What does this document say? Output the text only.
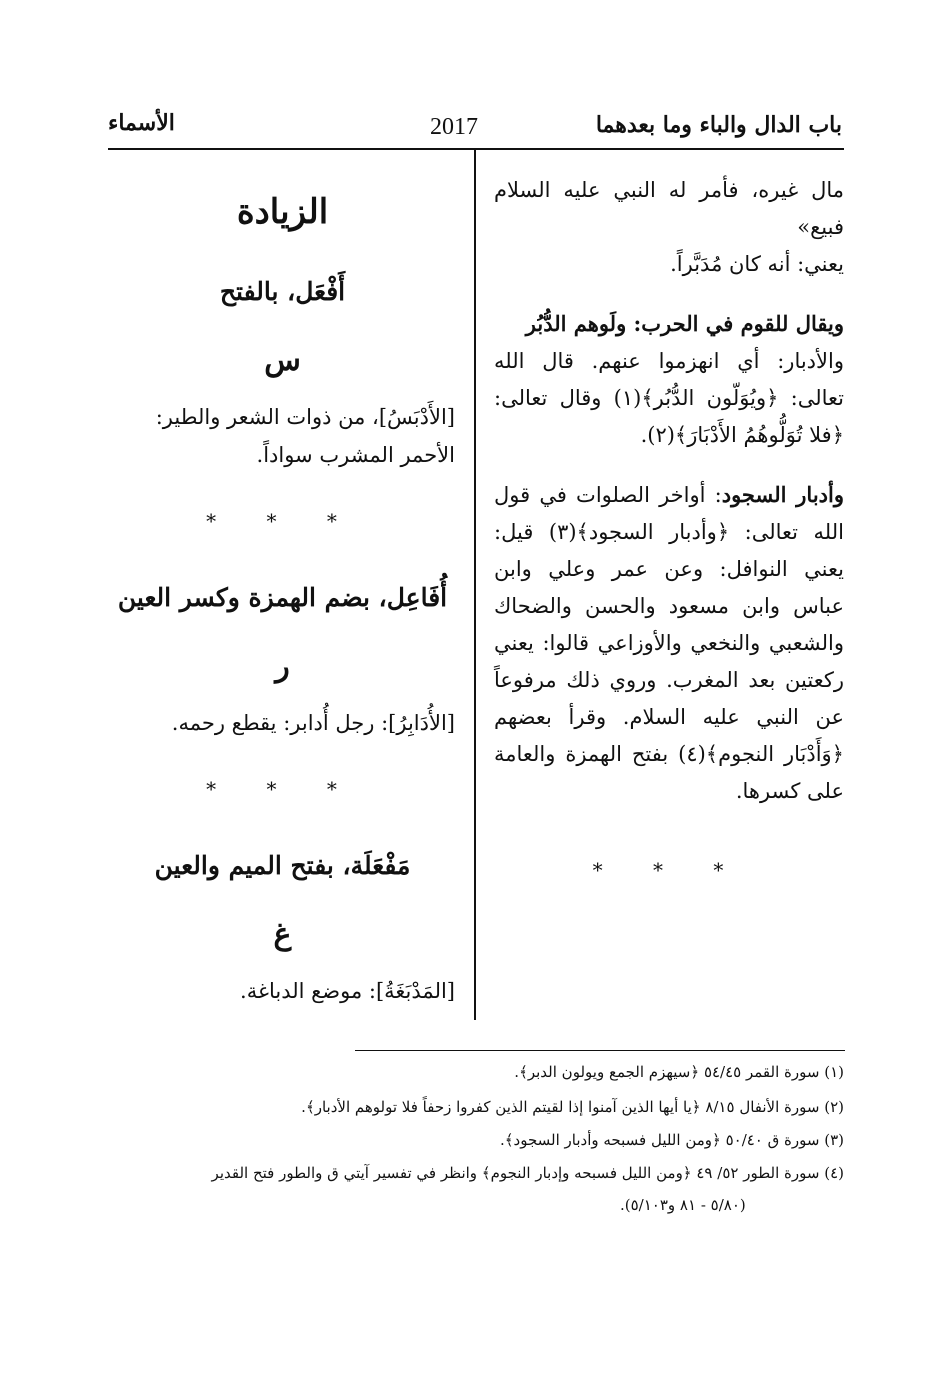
باب الدال والباء وما بعدهما
2017
الأسماء

مال غيره، فأمر له النبي عليه السلام فبيع»

يعني: أنه كان مُدَبَّراً.

ويقال للقوم في الحرب: ولَوهم الدُّبُر
والأدبار: أي انهزموا عنهم. قال الله تعالى: ﴿ويُوَلّون الدُّبُر﴾(١) وقال تعالى: ﴿فلا تُوَلُّوهُمُ الأَدْبَارَ﴾(٢).

وأدبار السجود: أواخر الصلوات في قول الله تعالى: ﴿وأدبار السجود﴾(٣) قيل: يعني النوافل: وعن عمر وعلي وابن عباس وابن مسعود والحسن والضحاك والشعبي والنخعي والأوزاعي قالوا: يعني ركعتين بعد المغرب. وروي ذلك مرفوعاً عن النبي عليه السلام. وقرأ بعضهم ﴿وَأَدْبَار النجوم﴾(٤) بفتح الهمزة والعامة على كسرها.

* * *
الزيادة
أَفْعَل، بالفتح
س

[الأَدْبَسُ]، من ذوات الشعر والطير: الأحمر المشرب سواداً.

* * *
أُفَاعِل، بضم الهمزة وكسر العين
ر

[الأُدَابِرُ]: رجل أُدابر: يقطع رحمه.

* * *
مَفْعَلَة، بفتح الميم والعين
غ

[المَدْبَغَةُ]: موضع الدباغة.

(١) سورة القمر ٥٤/٤٥ ﴿سيهزم الجمع ويولون الدبر﴾.
(٢) سورة الأنفال ٨/١٥ ﴿يا أيها الذين آمنوا إذا لقيتم الذين كفروا زحفاً فلا تولوهم الأدبار﴾.
(٣) سورة ق ٥٠/٤٠ ﴿ومن الليل فسبحه وأدبار السجود﴾.
(٤) سورة الطور ٥٢/ ٤٩ ﴿ومن الليل فسبحه وإدبار النجوم﴾ وانظر في تفسير آيتي ق والطور فتح القدير
(٥/٨٠ - ٨١ و٥/١٠٣).
